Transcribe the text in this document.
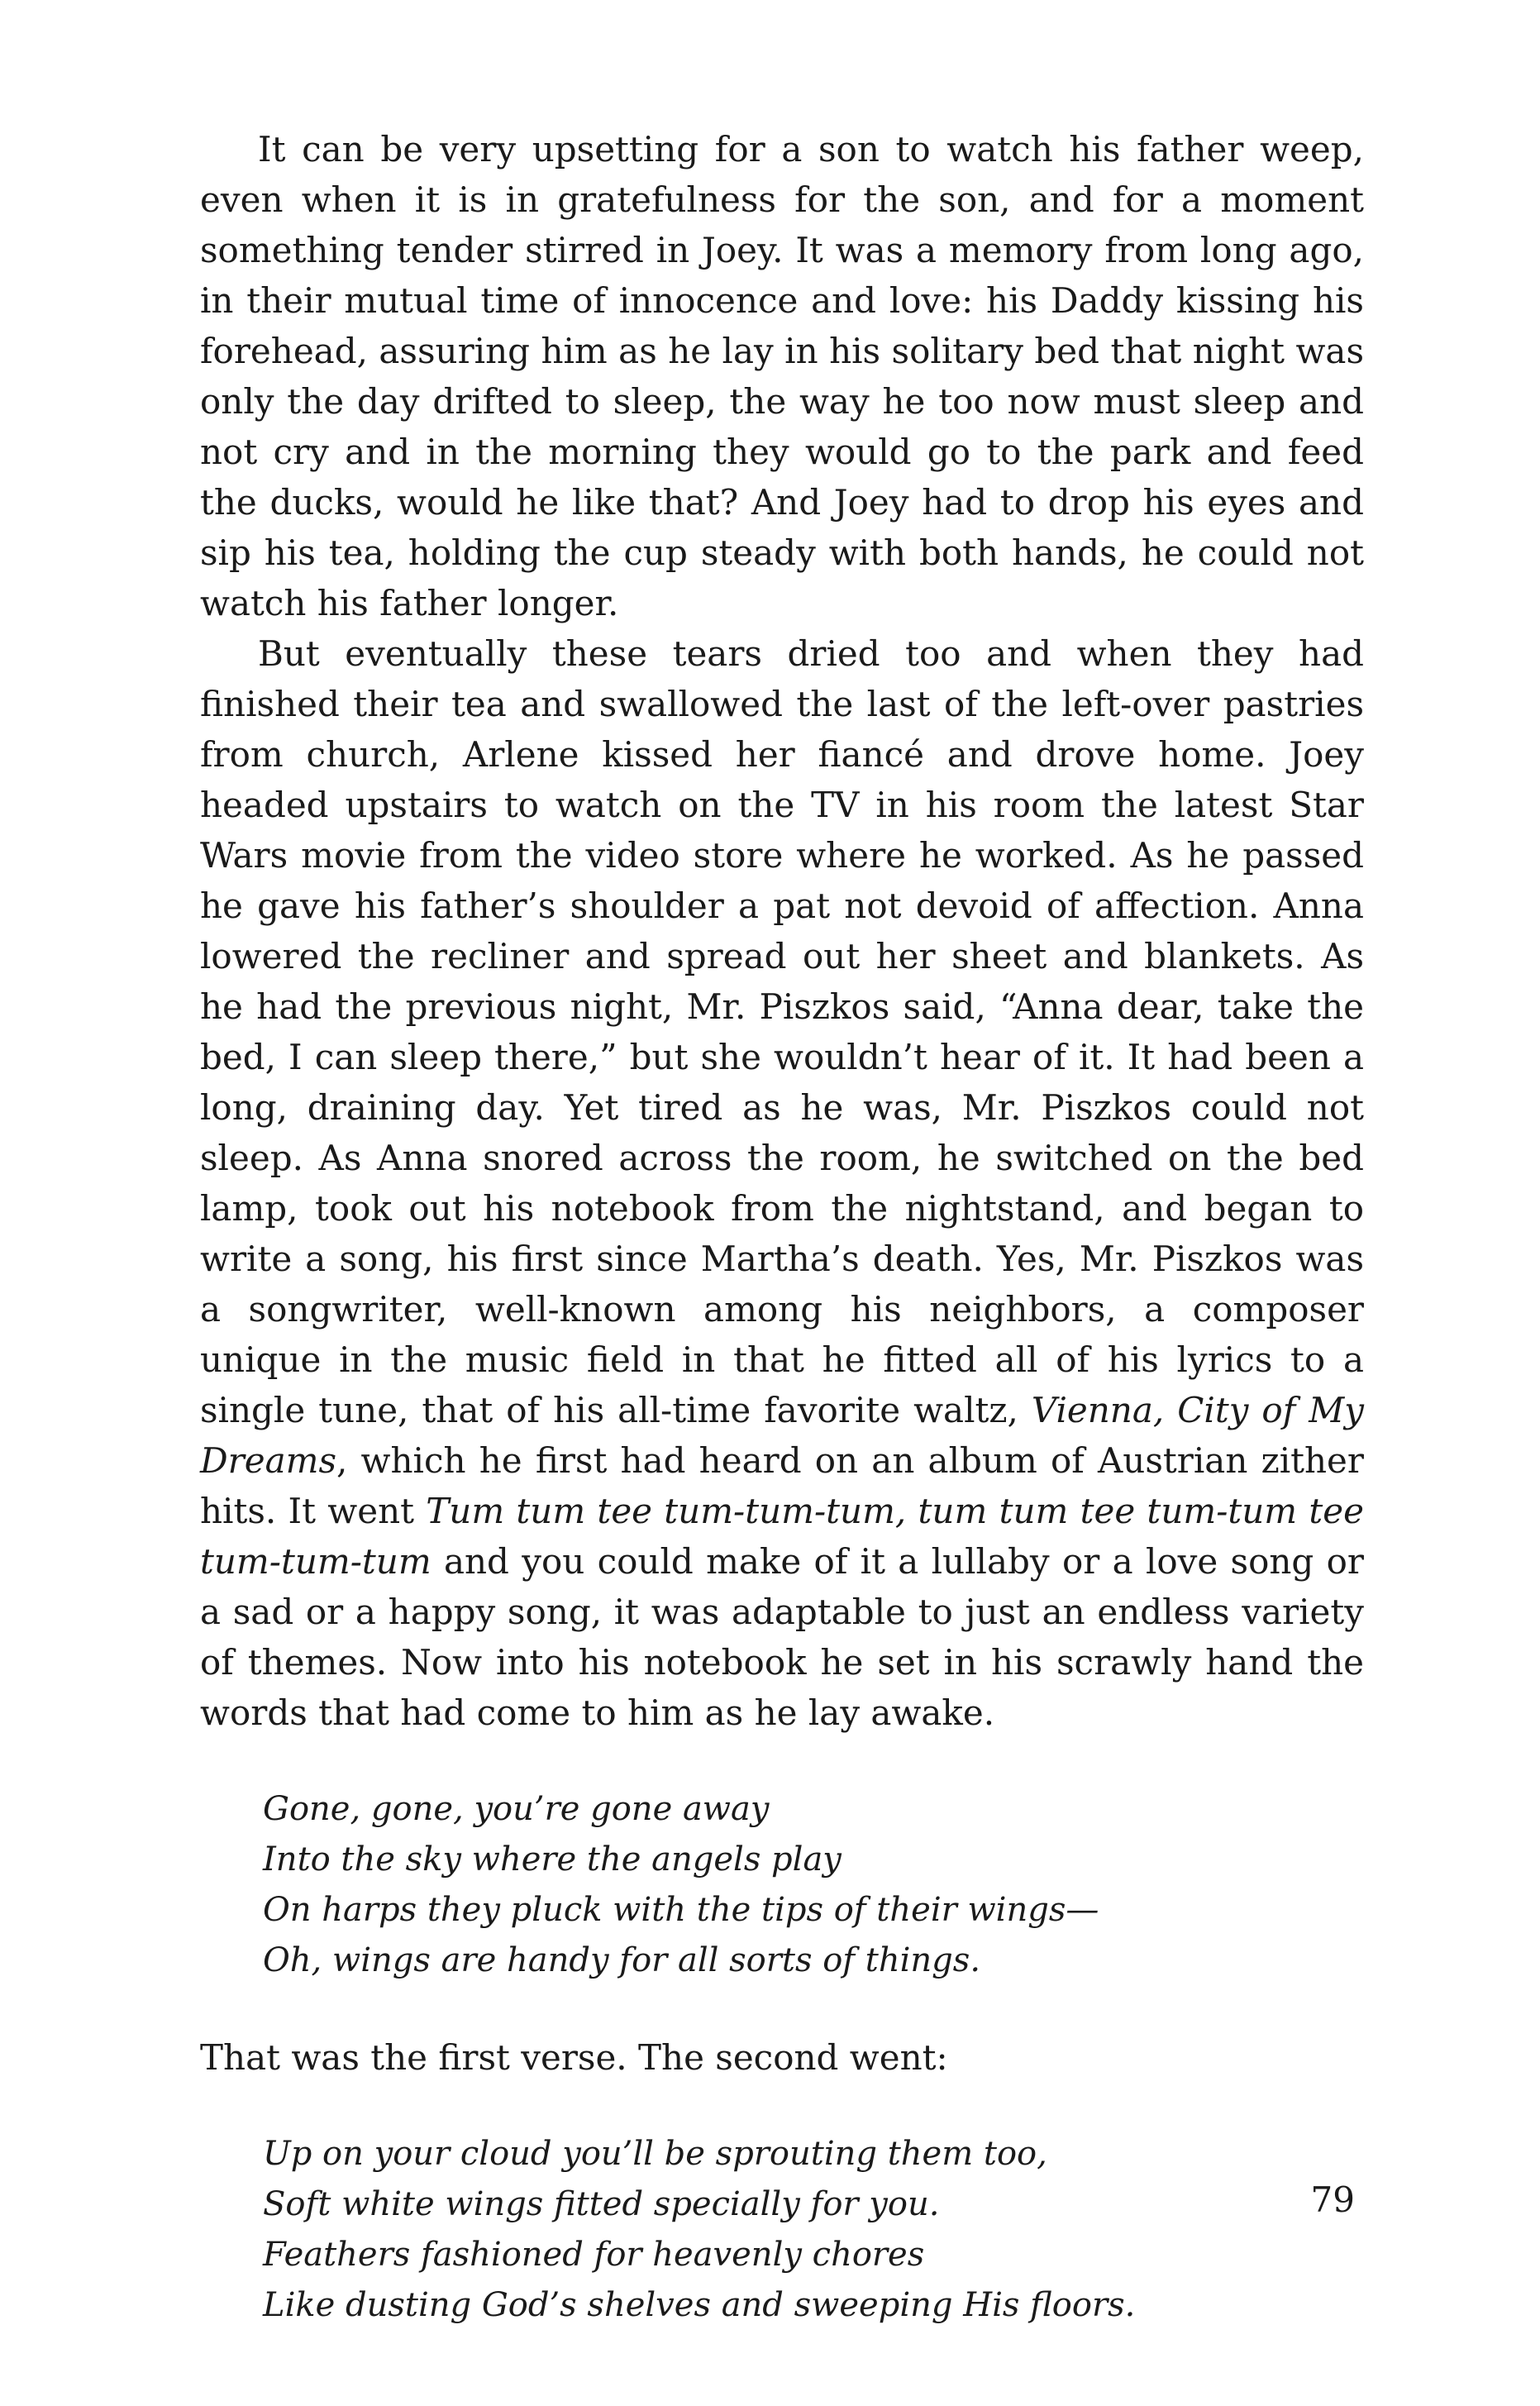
It can be very upsetting for a son to watch his father weep, even when it is in gratefulness for the son, and for a moment something tender stirred in Joey. It was a memory from long ago, in their mutual time of innocence and love: his Daddy kissing his forehead, assuring him as he lay in his solitary bed that night was only the day drifted to sleep, the way he too now must sleep and not cry and in the morning they would go to the park and feed the ducks, would he like that? And Joey had to drop his eyes and sip his tea, holding the cup steady with both hands, he could not watch his father longer.

But eventually these tears dried too and when they had finished their tea and swallowed the last of the left-over pastries from church, Arlene kissed her fiancé and drove home. Joey headed upstairs to watch on the TV in his room the latest Star Wars movie from the video store where he worked. As he passed he gave his father’s shoulder a pat not devoid of affection. Anna lowered the recliner and spread out her sheet and blankets. As he had the previous night, Mr. Piszkos said, “Anna dear, take the bed, I can sleep there,” but she wouldn’t hear of it. It had been a long, draining day. Yet tired as he was, Mr. Piszkos could not sleep. As Anna snored across the room, he switched on the bed lamp, took out his notebook from the nightstand, and began to write a song, his first since Martha’s death. Yes, Mr. Piszkos was a songwriter, well-known among his neighbors, a composer unique in the music field in that he fitted all of his lyrics to a single tune, that of his all-time favorite waltz, Vienna, City of My Dreams, which he first had heard on an album of Austrian zither hits. It went Tum tum tee tum-tum-tum, tum tum tee tum-tum tee tum-tum-tum and you could make of it a lullaby or a love song or a sad or a happy song, it was adaptable to just an endless variety of themes. Now into his notebook he set in his scrawly hand the words that had come to him as he lay awake.

Gone, gone, you’re gone away
Into the sky where the angels play
On harps they pluck with the tips of their wings—
Oh, wings are handy for all sorts of things.

That was the first verse. The second went:

Up on your cloud you’ll be sprouting them too,
Soft white wings fitted specially for you.
Feathers fashioned for heavenly chores
Like dusting God’s shelves and sweeping His floors.
79
